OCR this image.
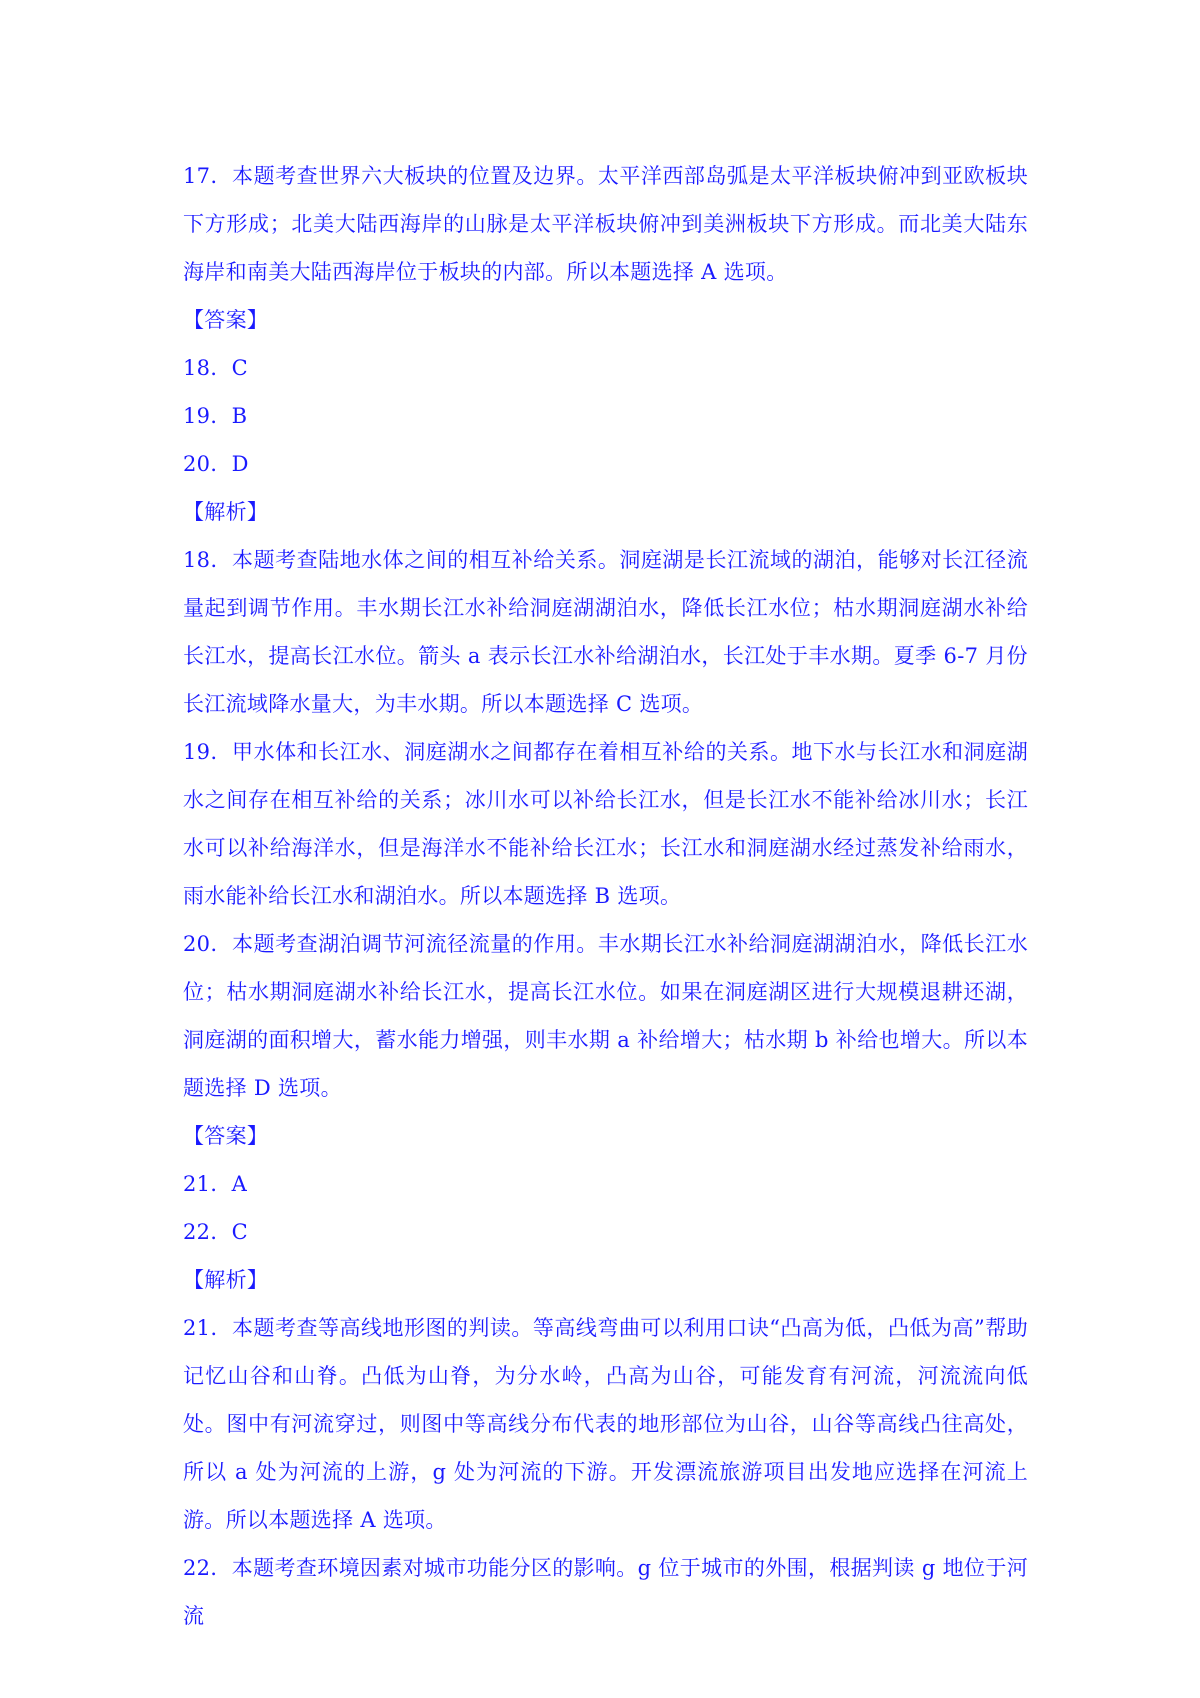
17．本题考查世界六大板块的位置及边界。太平洋西部岛弧是太平洋板块俯冲到亚欧板块下方形成；北美大陆西海岸的山脉是太平洋板块俯冲到美洲板块下方形成。而北美大陆东海岸和南美大陆西海岸位于板块的内部。所以本题选择 A 选项。

【答案】

18．C

19．B

20．D

【解析】

18．本题考查陆地水体之间的相互补给关系。洞庭湖是长江流域的湖泊，能够对长江径流量起到调节作用。丰水期长江水补给洞庭湖湖泊水，降低长江水位；枯水期洞庭湖水补给长江水，提高长江水位。箭头 a 表示长江水补给湖泊水，长江处于丰水期。夏季 6-7 月份长江流域降水量大，为丰水期。所以本题选择 C 选项。

19．甲水体和长江水、洞庭湖水之间都存在着相互补给的关系。地下水与长江水和洞庭湖水之间存在相互补给的关系；冰川水可以补给长江水，但是长江水不能补给冰川水；长江水可以补给海洋水，但是海洋水不能补给长江水；长江水和洞庭湖水经过蒸发补给雨水，雨水能补给长江水和湖泊水。所以本题选择 B 选项。

20．本题考查湖泊调节河流径流量的作用。丰水期长江水补给洞庭湖湖泊水，降低长江水位；枯水期洞庭湖水补给长江水，提高长江水位。如果在洞庭湖区进行大规模退耕还湖，洞庭湖的面积增大，蓄水能力增强，则丰水期 a 补给增大；枯水期 b 补给也增大。所以本题选择 D 选项。

【答案】

21．A

22．C

【解析】

21．本题考查等高线地形图的判读。等高线弯曲可以利用口诀“凸高为低，凸低为高”帮助记忆山谷和山脊。凸低为山脊，为分水岭，凸高为山谷，可能发育有河流，河流流向低处。图中有河流穿过，则图中等高线分布代表的地形部位为山谷，山谷等高线凸往高处，所以 a 处为河流的上游，g 处为河流的下游。开发漂流旅游项目出发地应选择在河流上游。所以本题选择 A 选项。

22．本题考查环境因素对城市功能分区的影响。g 位于城市的外围，根据判读 g 地位于河流
